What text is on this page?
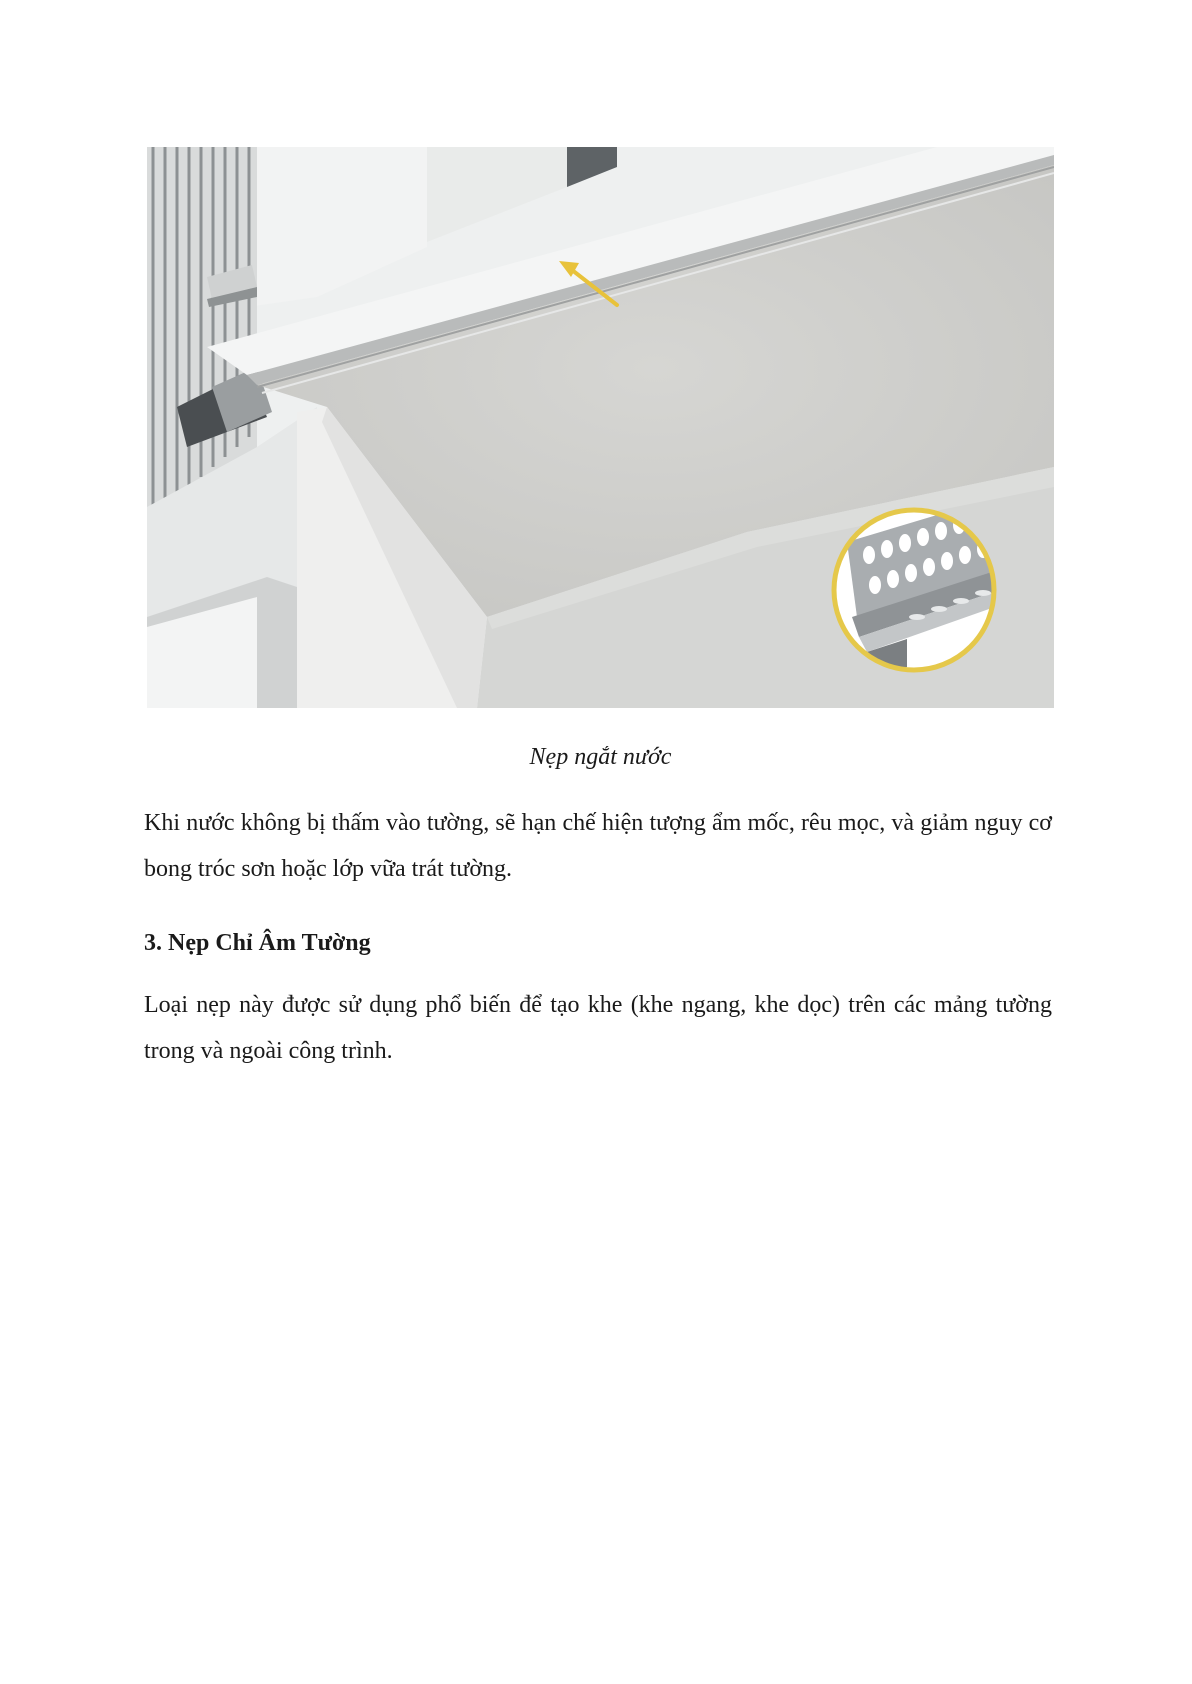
Nẹp ngắt nước

Khi nước không bị thấm vào tường, sẽ hạn chế hiện tượng ẩm mốc, rêu mọc, và giảm nguy cơ bong tróc sơn hoặc lớp vữa trát tường.

3. Nẹp Chỉ Âm Tường

Loại nẹp này được sử dụng phổ biến để tạo khe (khe ngang, khe dọc) trên các mảng tường trong và ngoài công trình.
